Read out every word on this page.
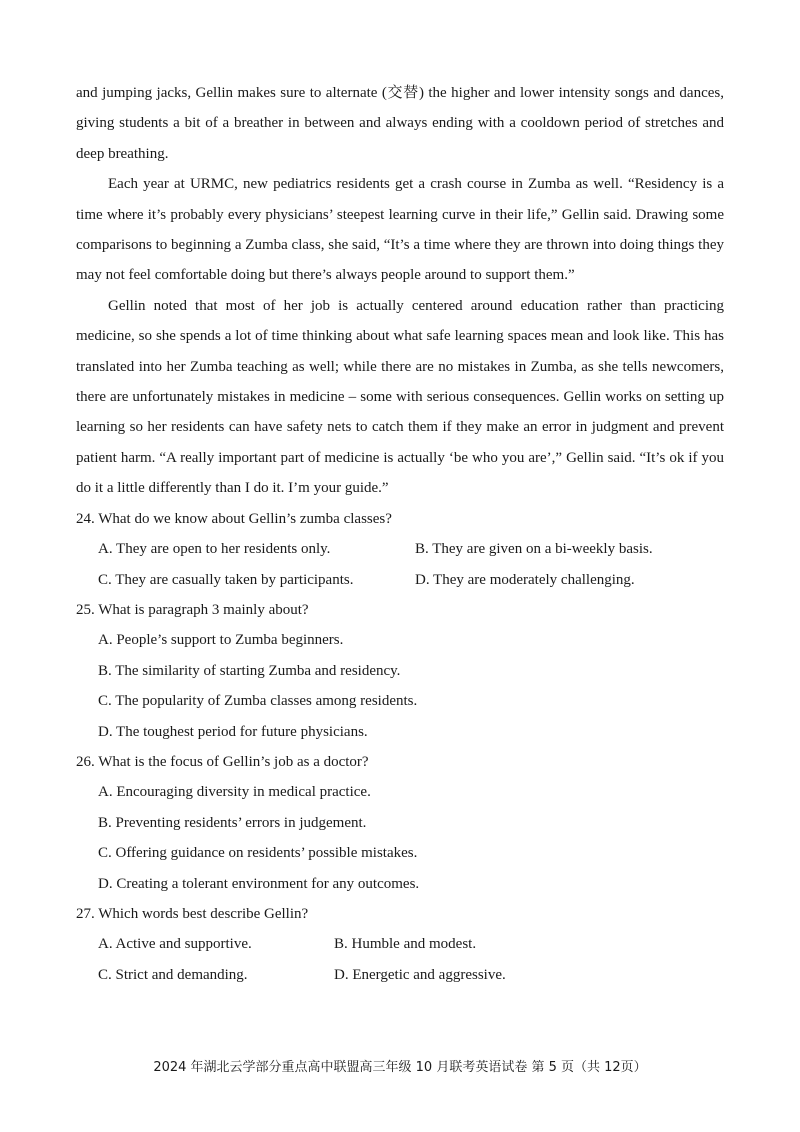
and jumping jacks, Gellin makes sure to alternate (交替) the higher and lower intensity songs and dances, giving students a bit of a breather in between and always ending with a cooldown period of stretches and deep breathing.

Each year at URMC, new pediatrics residents get a crash course in Zumba as well. “Residency is a time where it’s probably every physicians’ steepest learning curve in their life,” Gellin said. Drawing some comparisons to beginning a Zumba class, she said, “It’s a time where they are thrown into doing things they may not feel comfortable doing but there’s always people around to support them.”

Gellin noted that most of her job is actually centered around education rather than practicing medicine, so she spends a lot of time thinking about what safe learning spaces mean and look like. This has translated into her Zumba teaching as well; while there are no mistakes in Zumba, as she tells newcomers, there are unfortunately mistakes in medicine – some with serious consequences. Gellin works on setting up learning so her residents can have safety nets to catch them if they make an error in judgment and prevent patient harm. “A really important part of medicine is actually ‘be who you are’,” Gellin said. “It’s ok if you do it a little differently than I do it. I’m your guide.”

24. What do we know about Gellin’s zumba classes?

A. They are open to her residents only.	B. They are given on a bi-weekly basis.
C. They are casually taken by participants.	D. They are moderately challenging.

25. What is paragraph 3 mainly about?

A. People’s support to Zumba beginners.
B. The similarity of starting Zumba and residency.
C. The popularity of Zumba classes among residents.
D. The toughest period for future physicians.

26. What is the focus of Gellin’s job as a doctor?

A. Encouraging diversity in medical practice.
B. Preventing residents’ errors in judgement.
C. Offering guidance on residents’ possible mistakes.
D. Creating a tolerant environment for any outcomes.

27. Which words best describe Gellin?

A. Active and supportive.	B. Humble and modest.
C. Strict and demanding.	D. Energetic and aggressive.
2024 年湖北云学部分重点高中联盟高三年级 10 月联考英语试卷 第 5 页（共 12页）
